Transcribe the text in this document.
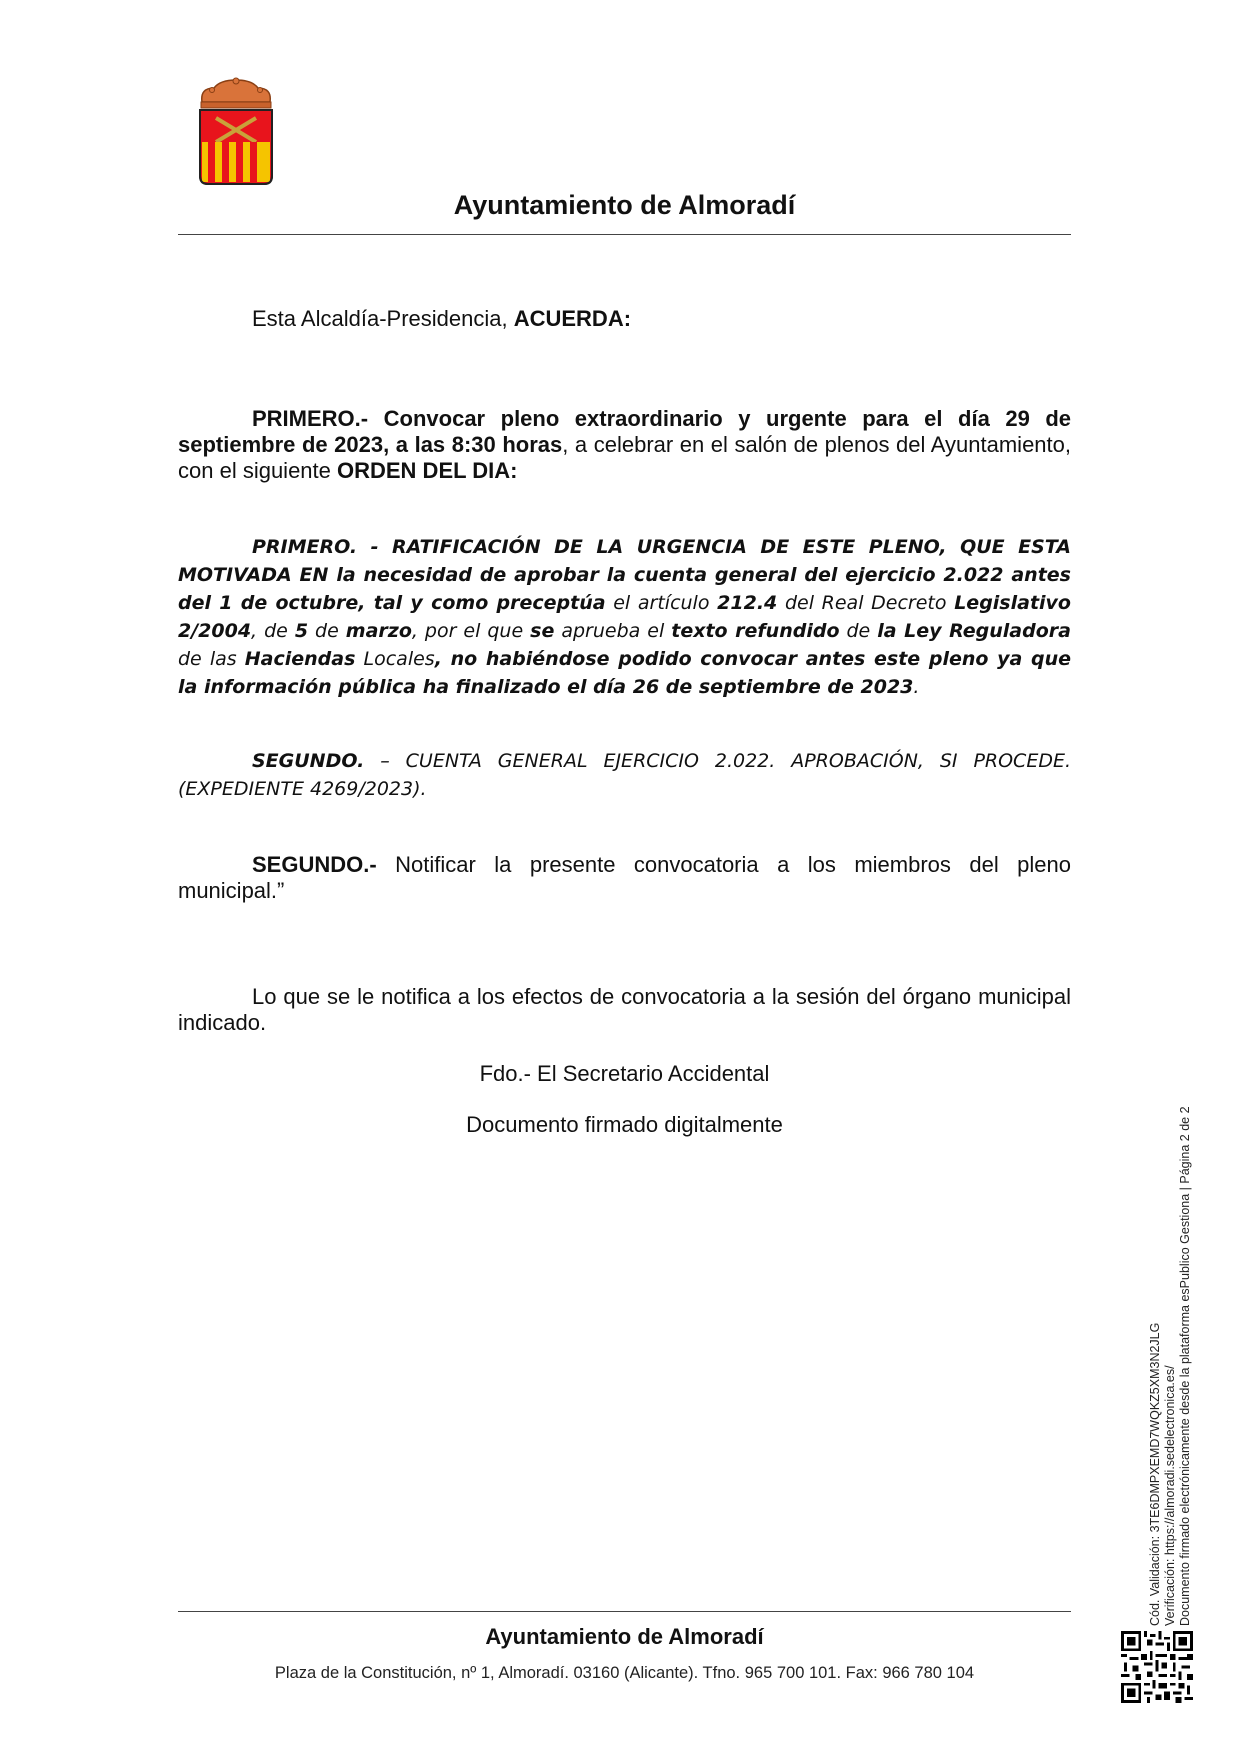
Ayuntamiento de Almoradí
Esta Alcaldía-Presidencia, ACUERDA:
PRIMERO.- Convocar pleno extraordinario y urgente para el día 29 de septiembre de 2023, a las 8:30 horas, a celebrar en el salón de plenos del Ayuntamiento, con el siguiente ORDEN DEL DIA:
PRIMERO. - RATIFICACIÓN DE LA URGENCIA DE ESTE PLENO, QUE ESTA MOTIVADA EN la necesidad de aprobar la cuenta general del ejercicio 2.022 antes del 1 de octubre, tal y como preceptúa el artículo 212.4 del Real Decreto Legislativo 2/2004, de 5 de marzo, por el que se aprueba el texto refundido de la Ley Reguladora de las Haciendas Locales, no habiéndose podido convocar antes este pleno ya que la información pública ha finalizado el día 26 de septiembre de 2023.
SEGUNDO. – CUENTA GENERAL EJERCICIO 2.022. APROBACIÓN, SI PROCEDE. (EXPEDIENTE 4269/2023).
SEGUNDO.- Notificar la presente convocatoria a los miembros del pleno municipal.”
Lo que se le notifica a los efectos de convocatoria a la sesión del órgano municipal indicado.
Fdo.- El Secretario Accidental
Documento firmado digitalmente
Ayuntamiento de Almoradí
Plaza de la Constitución, nº 1, Almoradí. 03160 (Alicante). Tfno. 965 700 101. Fax: 966 780 104
Cód. Validación: 3TE6DMPXEMD7WQKZ5XM3N2JLG Verificación: https://almoradi.sedelectronica.es/ Documento firmado electrónicamente desde la plataforma esPublico Gestiona | Página 2 de 2
